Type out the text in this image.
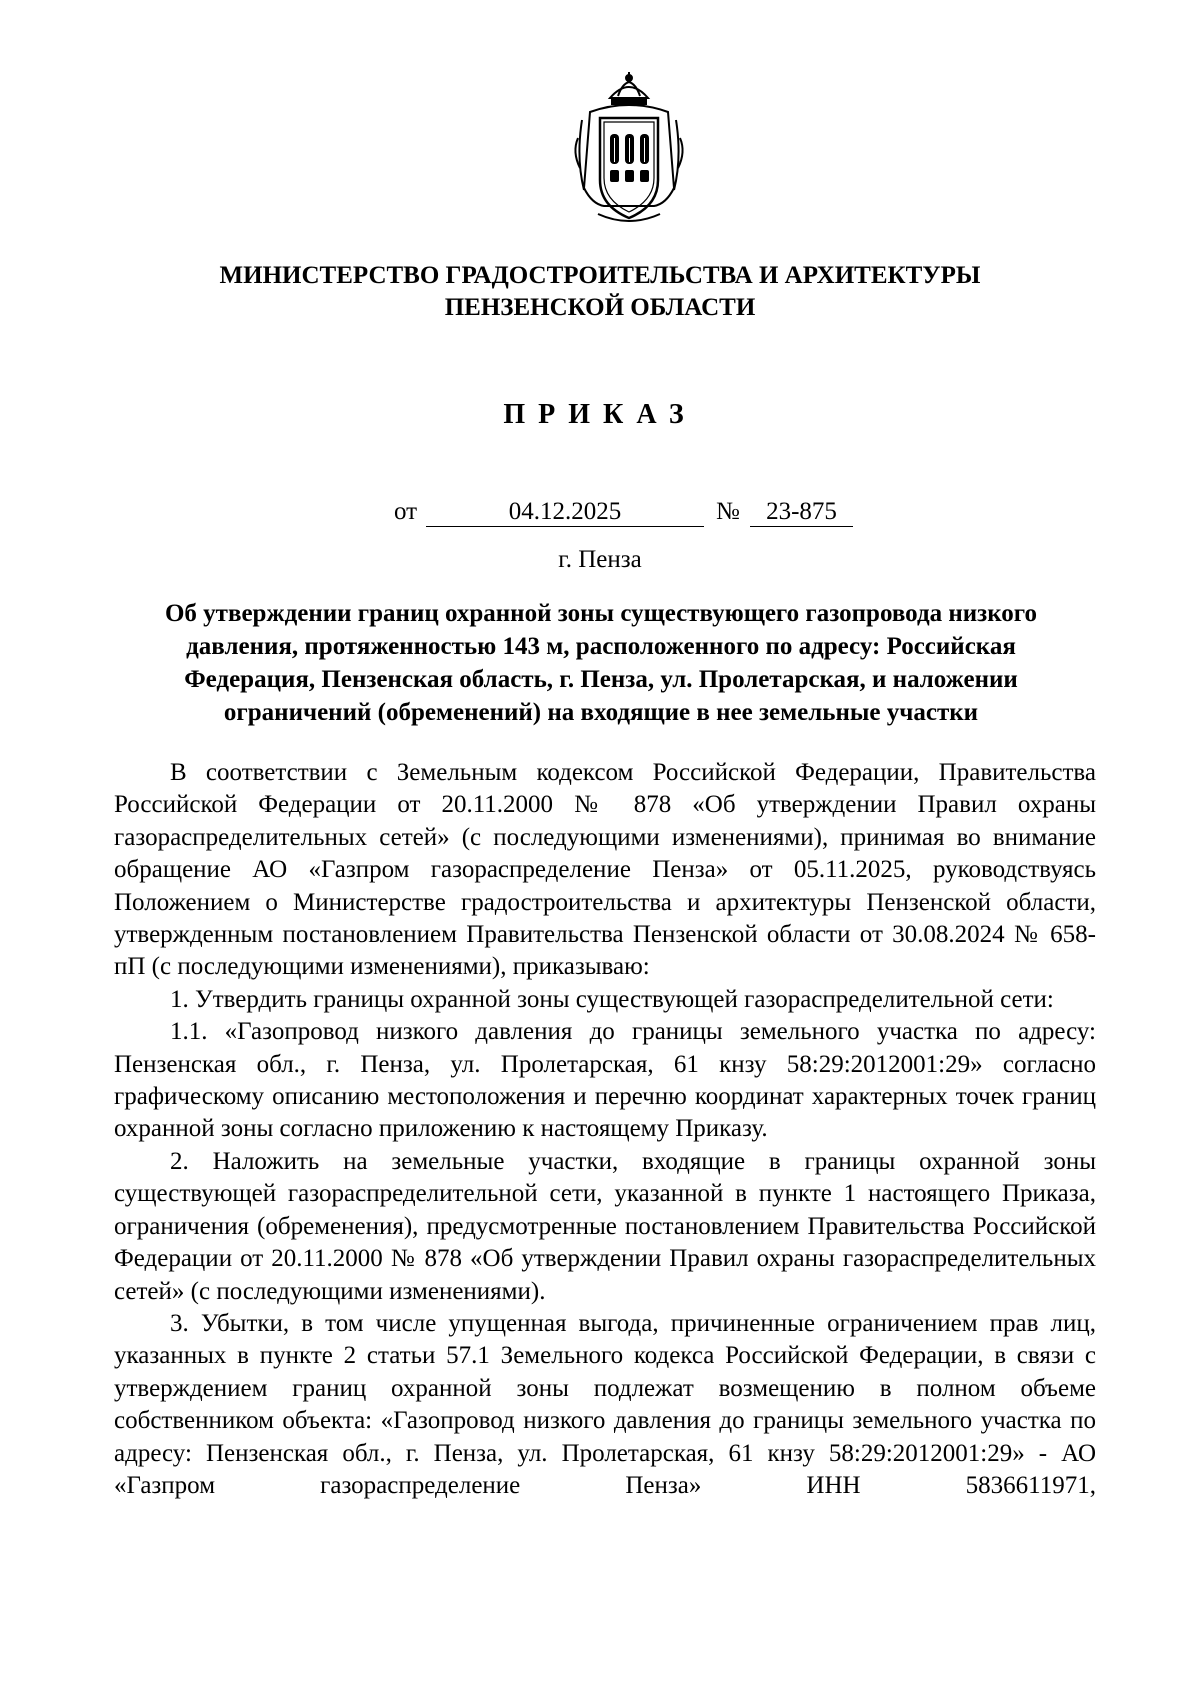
МИНИСТЕРСТВО ГРАДОСТРОИТЕЛЬСТВА И АРХИТЕКТУРЫ
ПЕНЗЕНСКОЙ ОБЛАСТИ
ПРИКАЗ
от	04.12.2025	№	23-875
г. Пенза
Об утверждении границ охранной зоны существующего газопровода низкого давления, протяженностью 143 м, расположенного по адресу: Российская Федерация, Пензенская область, г. Пенза, ул. Пролетарская, и наложении ограничений (обременений) на входящие в нее земельные участки

В соответствии с Земельным кодексом Российской Федерации, Правительства Российской Федерации от 20.11.2000 № 878 «Об утверждении Правил охраны газораспределительных сетей» (с последующими изменениями), принимая во внимание обращение АО «Газпром газораспределение Пенза» от 05.11.2025, руководствуясь Положением о Министерстве градостроительства и архитектуры Пензенской области, утвержденным постановлением Правительства Пензенской области от 30.08.2024 № 658-пП (с последующими изменениями), приказываю:

1. Утвердить границы охранной зоны существующей газораспределительной сети:

1.1. «Газопровод низкого давления до границы земельного участка по адресу: Пензенская обл., г. Пенза, ул. Пролетарская, 61 кнзу 58:29:2012001:29» согласно графическому описанию местоположения и перечню координат характерных точек границ охранной зоны согласно приложению к настоящему Приказу.

2. Наложить на земельные участки, входящие в границы охранной зоны существующей газораспределительной сети, указанной в пункте 1 настоящего Приказа, ограничения (обременения), предусмотренные постановлением Правительства Российской Федерации от 20.11.2000 № 878 «Об утверждении Правил охраны газораспределительных сетей» (с последующими изменениями).

3. Убытки, в том числе упущенная выгода, причиненные ограничением прав лиц, указанных в пункте 2 статьи 57.1 Земельного кодекса Российской Федерации, в связи с утверждением границ охранной зоны подлежат возмещению в полном объеме собственником объекта: «Газопровод низкого давления до границы земельного участка по адресу: Пензенская обл., г. Пенза, ул. Пролетарская, 61 кнзу 58:29:2012001:29» - АО «Газпром газораспределение Пенза» ИНН 5836611971,
